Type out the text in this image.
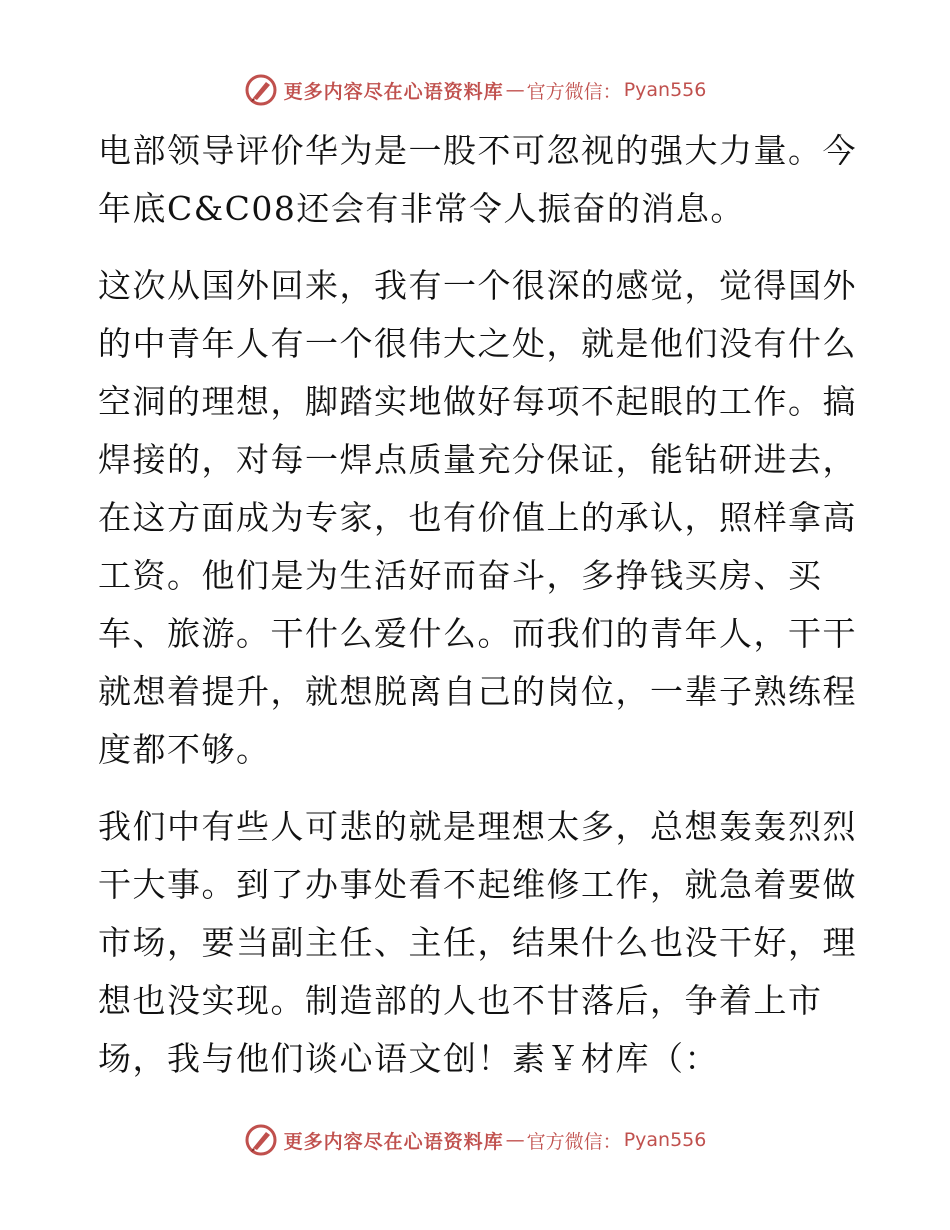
更多内容尽在心语资料库 — 官方微信： Pyan556

电部领导评价华为是一股不可忽视的强大力量。今年底C&C08还会有非常令人振奋的消息。

这次从国外回来，我有一个很深的感觉，觉得国外的中青年人有一个很伟大之处，就是他们没有什么空洞的理想，脚踏实地做好每项不起眼的工作。搞焊接的，对每一焊点质量充分保证，能钻研进去，在这方面成为专家，也有价值上的承认，照样拿高工资。他们是为生活好而奋斗，多挣钱买房、买车、旅游。干什么爱什么。而我们的青年人，干干就想着提升，就想脱离自己的岗位，一辈子熟练程度都不够。

我们中有些人可悲的就是理想太多，总想轰轰烈烈干大事。到了办事处看不起维修工作，就急着要做市场，要当副主任、主任，结果什么也没干好，理想也没实现。制造部的人也不甘落后，争着上市场，我与他们谈心语文创！素￥材库（：

更多内容尽在心语资料库 — 官方微信： Pyan556
